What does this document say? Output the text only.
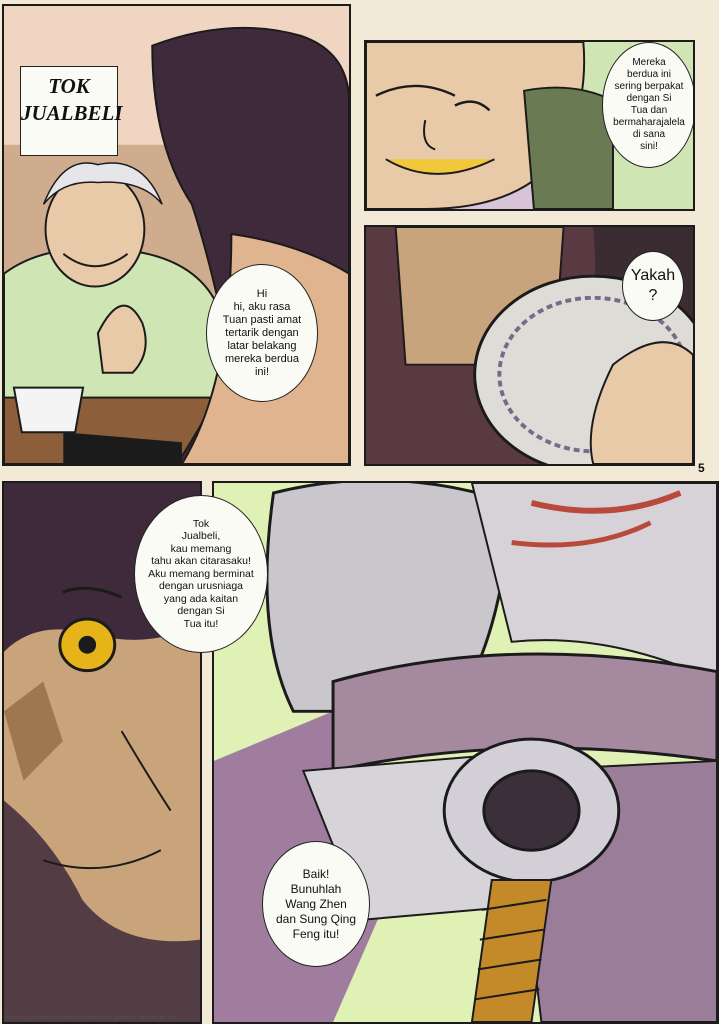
TOK
JUALBELI
Hi
hi, aku rasa
Tuan pasti amat
tertarik dengan
latar belakang
mereka berdua
ini!
Mereka
berdua ini
sering berpakat
dengan Si
Tua dan
bermaharajalela
di sana
sini!
Yakah
?
5
Tok
Jualbeli,
kau memang
tahu akan citarasaku!
Aku memang berminat
dengan urusniaga
yang ada kaitan
dengan Si
Tua itu!
Baik!
Bunuhlah
Wang Zhen
dan Sung Qing
Feng itu!
This copy is intended with unique invisible codes, please for personal use only
